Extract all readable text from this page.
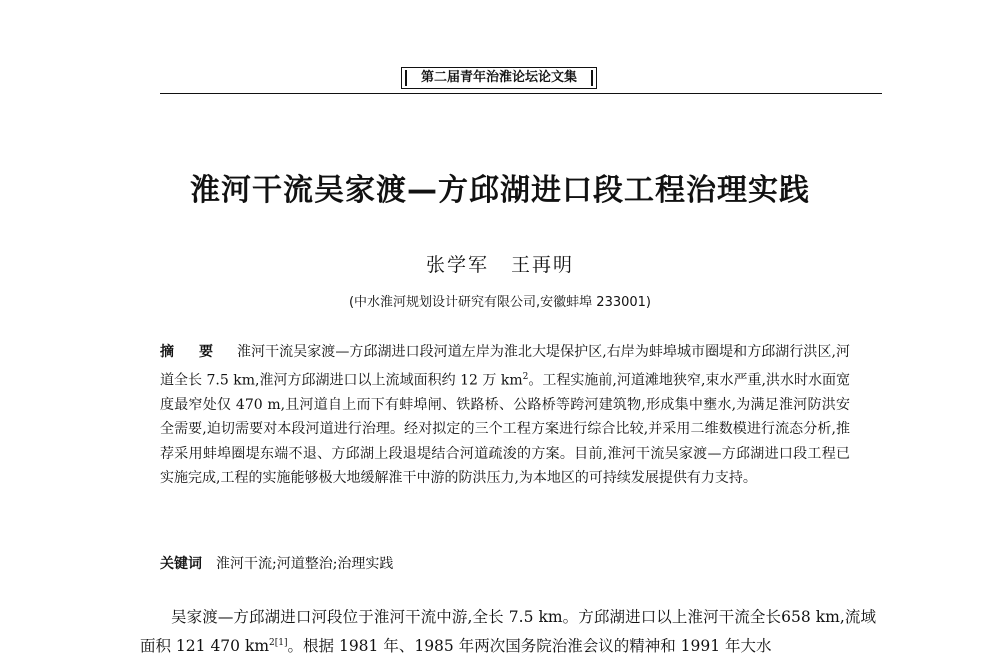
第二届青年治淮论坛论文集
淮河干流吴家渡—方邱湖进口段工程治理实践
张学军 王再明
(中水淮河规划设计研究有限公司,安徽蚌埠 233001)
摘 要 淮河干流吴家渡—方邱湖进口段河道左岸为淮北大堤保护区,右岸为蚌埠城市圈堤和方邱湖行洪区,河道全长 7.5 km,淮河方邱湖进口以上流域面积约 12 万 $km^2$。工程实施前,河道滩地狭窄,束水严重,洪水时水面宽度最窄处仅 470 m,且河道自上而下有蚌埠闸、铁路桥、公路桥等跨河建筑物,形成集中壅水,为满足淮河防洪安全需要,迫切需要对本段河道进行治理。经对拟定的三个工程方案进行综合比较,并采用二维数模进行流态分析,推荐采用蚌埠圈堤东端不退、方邱湖上段退堤结合河道疏浚的方案。目前,淮河干流吴家渡—方邱湖进口段工程已实施完成,工程的实施能够极大地缓解淮干中游的防洪压力,为本地区的可持续发展提供有力支持。
关键词 淮河干流;河道整治;治理实践
吴家渡—方邱湖进口河段位于淮河干流中游,全长 7.5 km。方邱湖进口以上淮河干流全长658 km,流域面积 121 470 km$^{2[1]}$。根据 1981 年、1985 年两次国务院治淮会议的精神和 1991 年大水
